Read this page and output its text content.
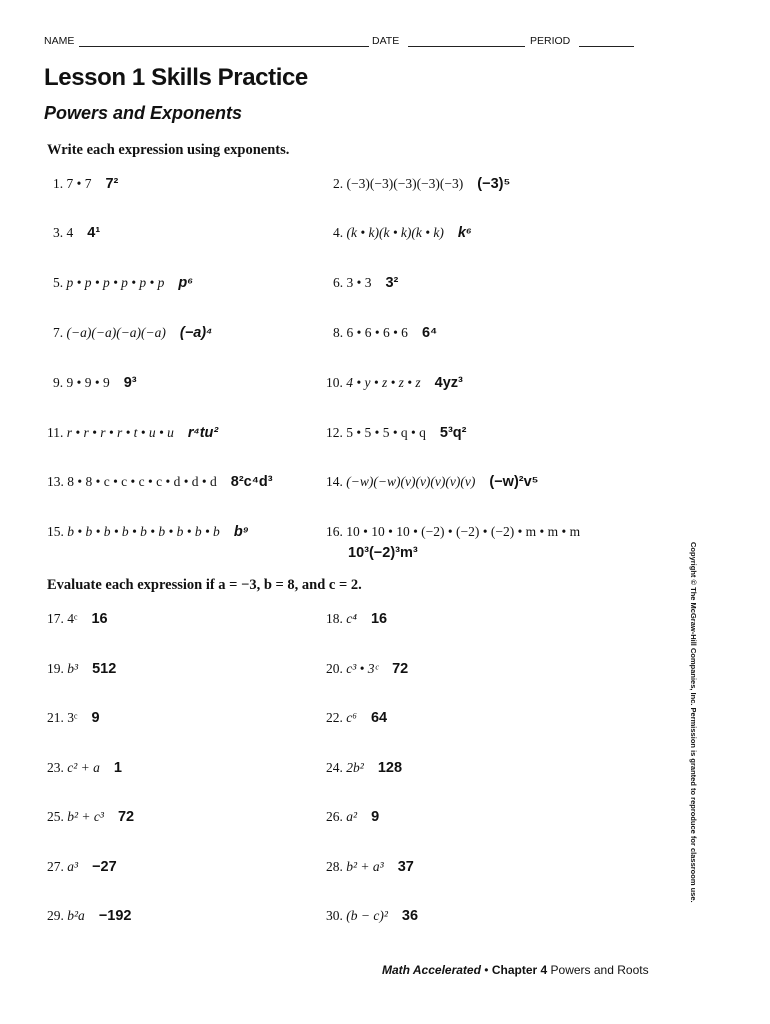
NAME	DATE	PERIOD
Lesson 1 Skills Practice
Powers and Exponents
Write each expression using exponents.
1. 7 • 7 7²	2. (−3)(−3)(−3)(−3)(−3) (−3)⁵
3. 4 4¹	4. (k • k)(k • k)(k • k) k⁶
5. p • p • p • p • p • p p⁶	6. 3 • 3 3²
7. (−a)(−a)(−a)(−a) (−a)⁴	8. 6 • 6 • 6 • 6 6⁴
9. 9 • 9 • 9 9³	10. 4 • y • z • z • z 4yz³
11. r • r • r • r • t • u • u r⁴tu²	12. 5 • 5 • 5 • q • q 5³q²
13. 8 • 8 • c • c • c • c • d • d • d 8²c⁴d³	14. (−w)(−w)(v)(v)(v)(v)(v) (−w)²v⁵
15. b • b • b • b • b • b • b • b • b b⁹	16. 10 • 10 • 10 • (−2) • (−2) • (−2) • m • m • m
10³(−2)³m³
Evaluate each expression if a = −3, b = 8, and c = 2.
17. 4ᶜ 16	18. c⁴ 16
19. b³ 512	20. c³ • 3ᶜ 72
21. 3ᶜ 9	22. c⁶ 64
23. c² + a 1	24. 2b² 128
25. b² + c³ 72	26. a² 9
27. a³ −27	28. b² + a³ 37
29. b²a −192	30. (b − c)² 36
Copyright © The McGraw-Hill Companies, Inc. Permission is granted to reproduce for classroom use.
Math Accelerated • Chapter 4 Powers and Roots
